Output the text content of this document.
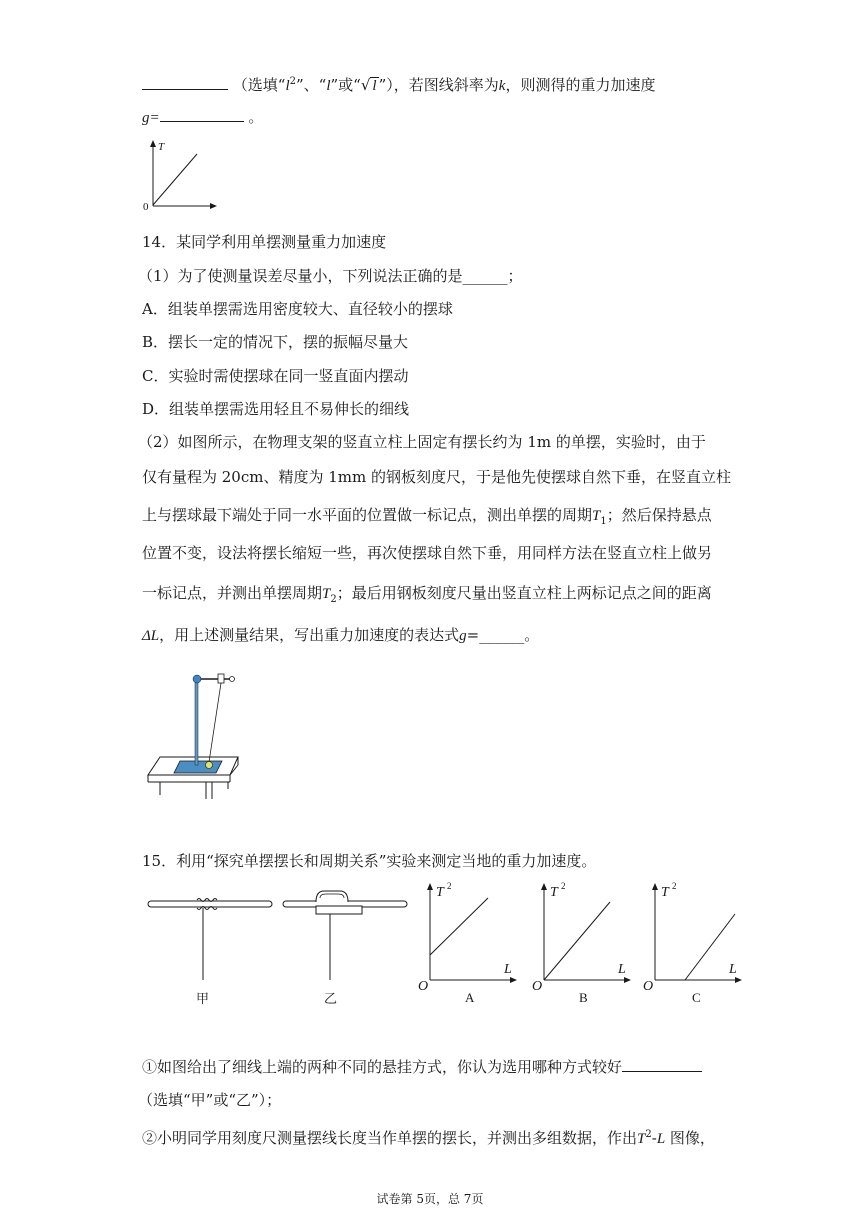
（选填“$l^2$”、“l”或“√ l ”），若图线斜率为k，则测得的重力加速度
g=	。
T
0
14．某同学利用单摆测量重力加速度
（1）为了使测量误差尽量小，下列说法正确的是______；
A．组装单摆需选用密度较大、直径较小的摆球
B．摆长一定的情况下，摆的振幅尽量大
C．实验时需使摆球在同一竖直面内摆动
D．组装单摆需选用轻且不易伸长的细线
（2）如图所示，在物理支架的竖直立柱上固定有摆长约为 1m 的单摆，实验时，由于
仅有量程为 20cm、精度为 1mm 的钢板刻度尺，于是他先使摆球自然下垂，在竖直立柱
上与摆球最下端处于同一水平面的位置做一标记点，测出单摆的周期$T_1$；然后保持悬点
位置不变，设法将摆长缩短一些，再次使摆球自然下垂，用同样方法在竖直立柱上做另
一标记点，并测出单摆周期$T_2$；最后用钢板刻度尺量出竖直立柱上两标记点之间的距离
ΔL，用上述测量结果，写出重力加速度的表达式g=______。
15．利用“探究单摆摆长和周期关系”实验来测定当地的重力加速度。
甲	乙
T 2
L
O
A
T 2
L
O
B
T 2
L
O
C
①如图给出了细线上端的两种不同的悬挂方式，你认为选用哪种方式较好
（选填“甲”或“乙”）；
②小明同学用刻度尺测量摆线长度当作单摆的摆长，并测出多组数据，作出$T^2-L$ 图像，
试卷第 5页，总 7页
